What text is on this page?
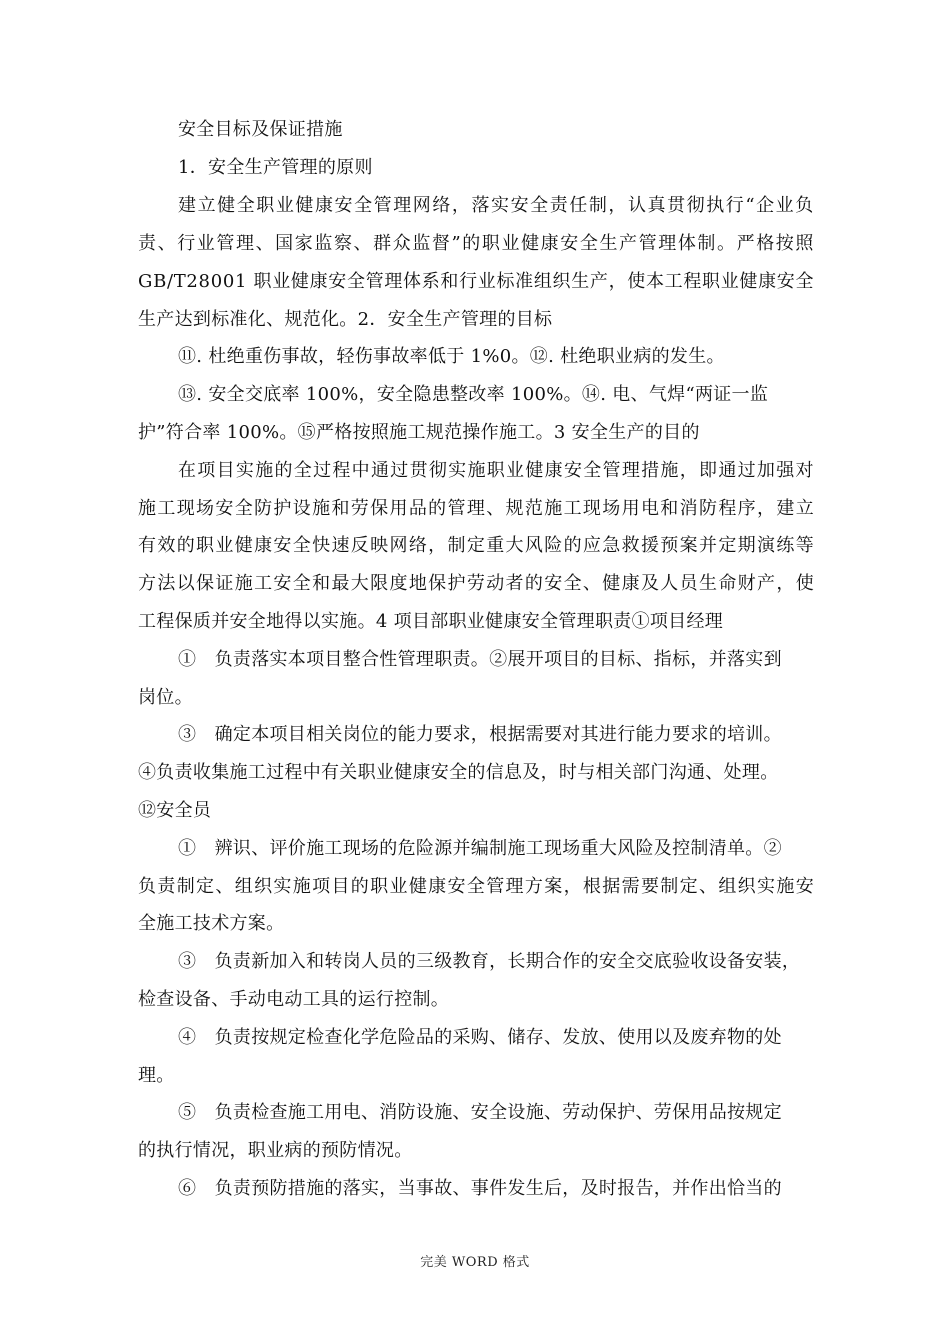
安全目标及保证措施
1．安全生产管理的原则
建 立 健 全 职 业 健 康 安 全 管 理 网 络 ， 落 实 安 全 责 任 制 ， 认 真 贯 彻 执 行 “ 企 业 负
责 、 行 业 管 理 、 国 家 监 察 、 群 众 监 督 ” 的 职 业 健 康 安 全 生 产 管 理 体 制 。 严 格 按 照
G B / T 2 8 0 0 1
职 业 健 康 安 全 管 理 体 系 和 行 业 标 准 组 织 生 产 ， 使 本 工 程 职 业 健 康 安 全
生产达到标准化、规范化。2．安全生产管理的目标
⑪. 杜绝重伤事故，轻伤事故率低于 1%0。⑫. 杜绝职业病的发生。
⑬. 安全交底率 100%，安全隐患整改率 100%。⑭. 电、气焊“两证一监
护”符合率 100%。⑮严格按照施工规范操作施工。3 安全生产的目的
在 项 目 实 施 的 全 过 程 中 通 过 贯 彻 实 施 职 业 健 康 安 全 管 理 措 施 ， 即 通 过 加 强 对
施 工 现 场 安 全 防 护 设 施 和 劳 保 用 品 的 管 理 、 规 范 施 工 现 场 用 电 和 消 防 程 序 ， 建 立
有 效 的 职 业 健 康 安 全 快 速 反 映 网 络 ， 制 定 重 大 风 险 的 应 急 救 援 预 案 并 定 期 演 练 等
方 法 以 保 证 施 工 安 全 和 最 大 限 度 地 保 护 劳 动 者 的 安 全 、 健 康 及 人 员 生 命 财 产 ， 使
工程保质并安全地得以实施。4 项目部职业健康安全管理职责①项目经理
①　负责落实本项目整合性管理职责。②展开项目的目标、指标，并落实到
岗位。
③　确定本项目相关岗位的能力要求，根据需要对其进行能力要求的培训。
④负责收集施工过程中有关职业健康安全的信息及，时与相关部门沟通、处理。
⑫安全员
①　辨识、评价施工现场的危险源并编制施工现场重大风险及控制清单。②
负 责 制 定 、 组 织 实 施 项 目 的 职 业 健 康 安 全 管 理 方 案 ， 根 据 需 要 制 定 、 组 织 实 施 安
全施工技术方案。
③　负责新加入和转岗人员的三级教育，长期合作的安全交底验收设备安装，
检查设备、手动电动工具的运行控制。
④　负责按规定检查化学危险品的采购、储存、发放、使用以及废弃物的处
理。
⑤　负责检查施工用电、消防设施、安全设施、劳动保护、劳保用品按规定
的执行情况，职业病的预防情况。
⑥　负责预防措施的落实，当事故、事件发生后，及时报告，并作出恰当的
完美 WORD 格式
